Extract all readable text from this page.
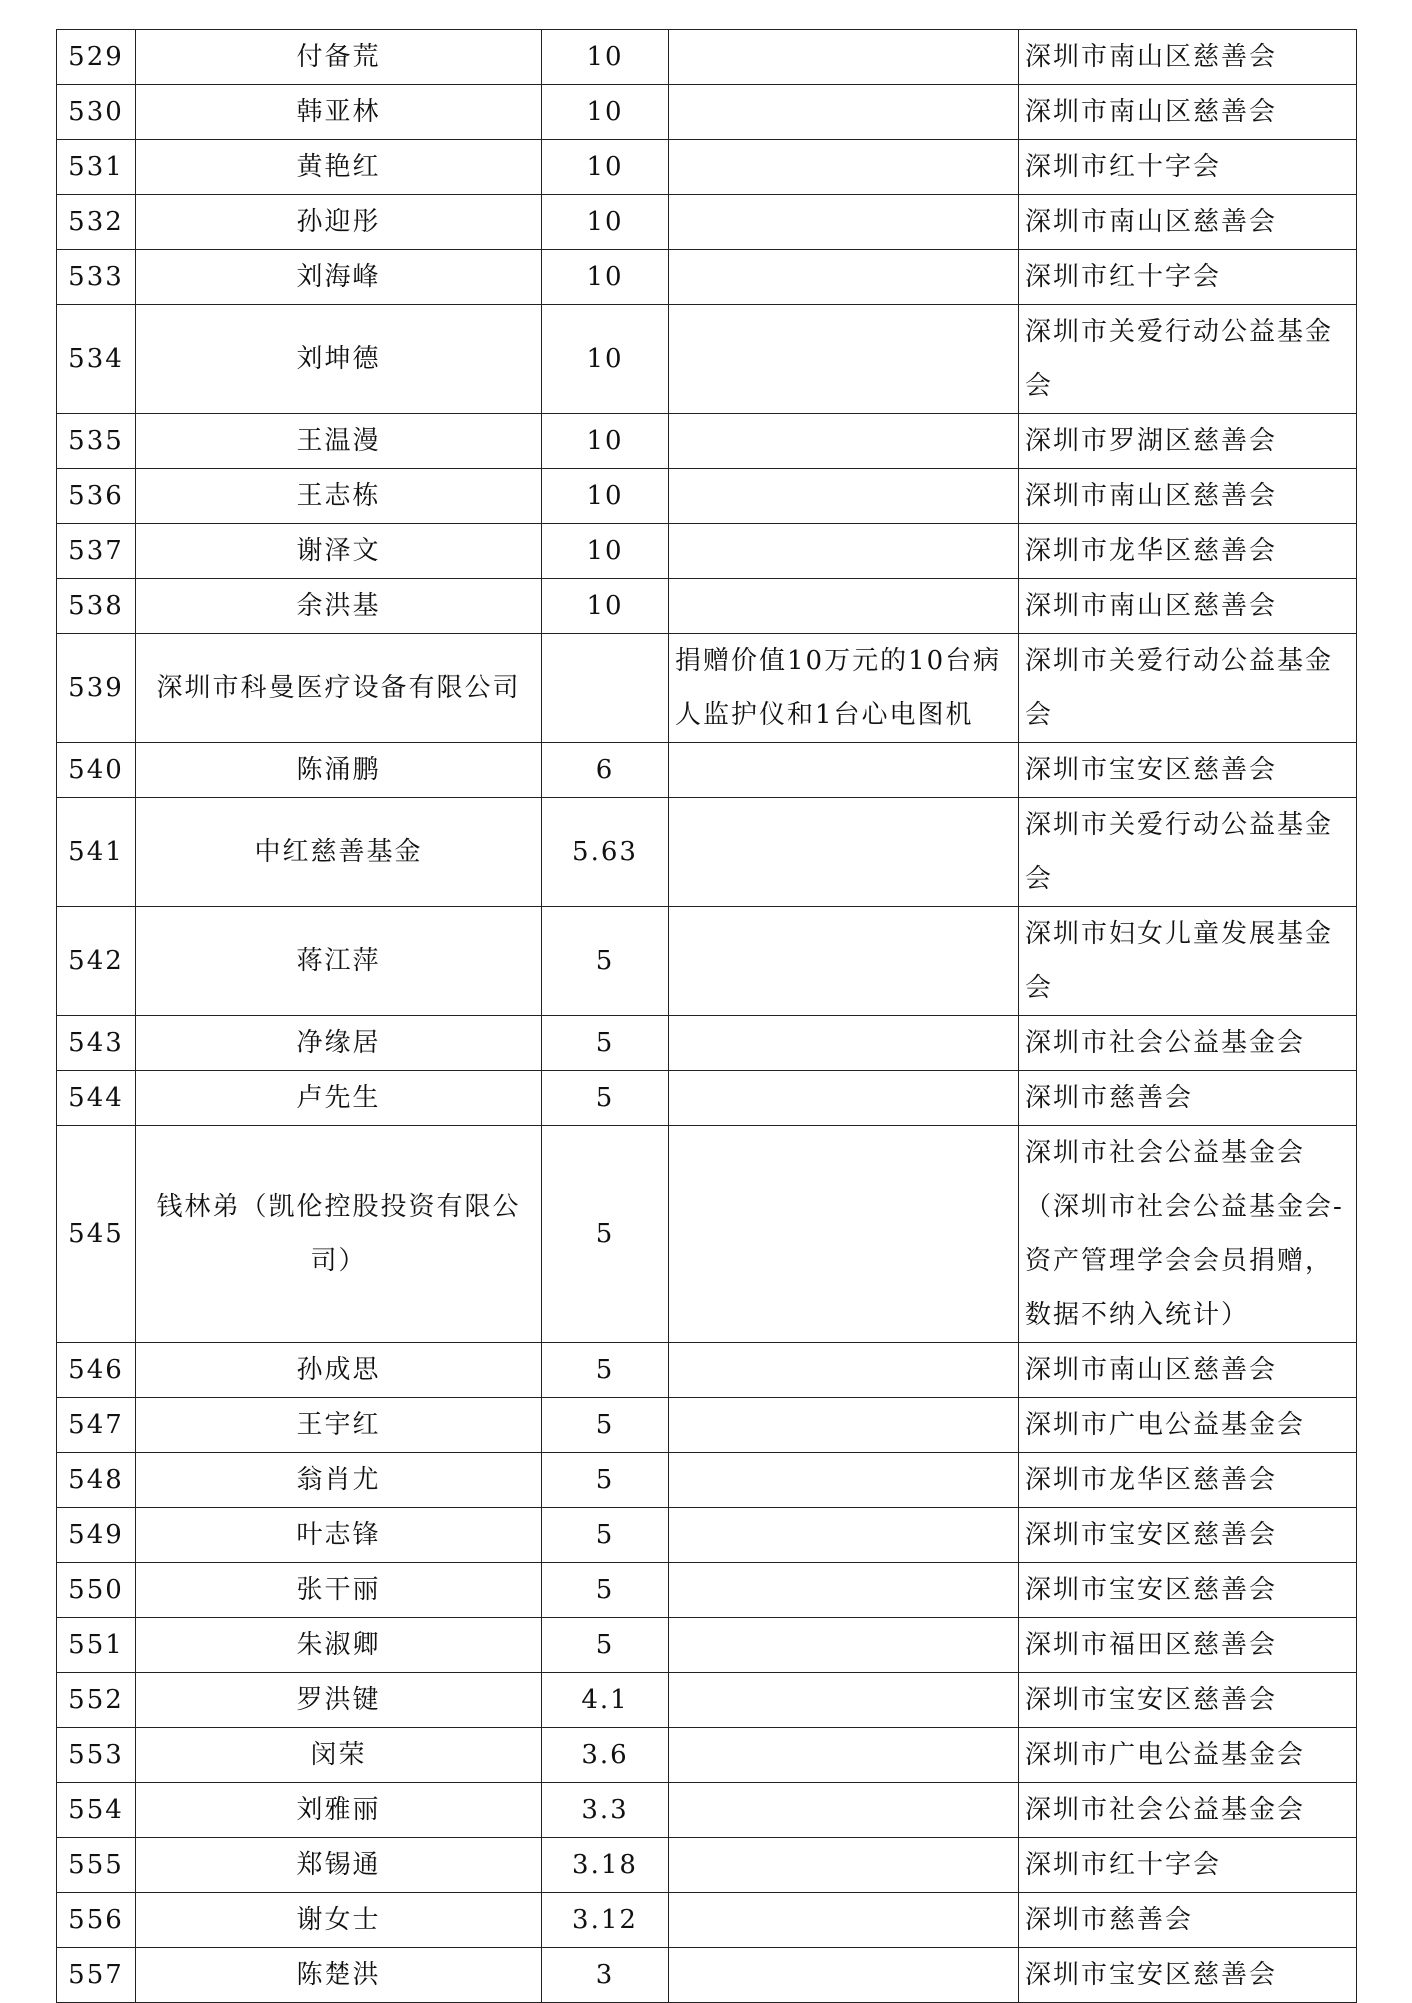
529	付备荒	10		深圳市南山区慈善会
530	韩亚林	10		深圳市南山区慈善会
531	黄艳红	10		深圳市红十字会
532	孙迎彤	10		深圳市南山区慈善会
533	刘海峰	10		深圳市红十字会
534	刘坤德	10		深圳市关爱行动公益基金会
535	王温漫	10		深圳市罗湖区慈善会
536	王志栋	10		深圳市南山区慈善会
537	谢泽文	10		深圳市龙华区慈善会
538	余洪基	10		深圳市南山区慈善会
539	深圳市科曼医疗设备有限公司		捐赠价值10万元的10台病人监护仪和1台心电图机	深圳市关爱行动公益基金会
540	陈涌鹏	6		深圳市宝安区慈善会
541	中红慈善基金	5.63		深圳市关爱行动公益基金会
542	蒋江萍	5		深圳市妇女儿童发展基金会
543	净缘居	5		深圳市社会公益基金会
544	卢先生	5		深圳市慈善会
545	钱林弟（凯伦控股投资有限公司）	5		深圳市社会公益基金会（深圳市社会公益基金会-资产管理学会会员捐赠，数据不纳入统计）
546	孙成思	5		深圳市南山区慈善会
547	王宇红	5		深圳市广电公益基金会
548	翁肖尤	5		深圳市龙华区慈善会
549	叶志锋	5		深圳市宝安区慈善会
550	张干丽	5		深圳市宝安区慈善会
551	朱淑卿	5		深圳市福田区慈善会
552	罗洪键	4.1		深圳市宝安区慈善会
553	闵荣	3.6		深圳市广电公益基金会
554	刘雅丽	3.3		深圳市社会公益基金会
555	郑锡通	3.18		深圳市红十字会
556	谢女士	3.12		深圳市慈善会
557	陈楚洪	3		深圳市宝安区慈善会
